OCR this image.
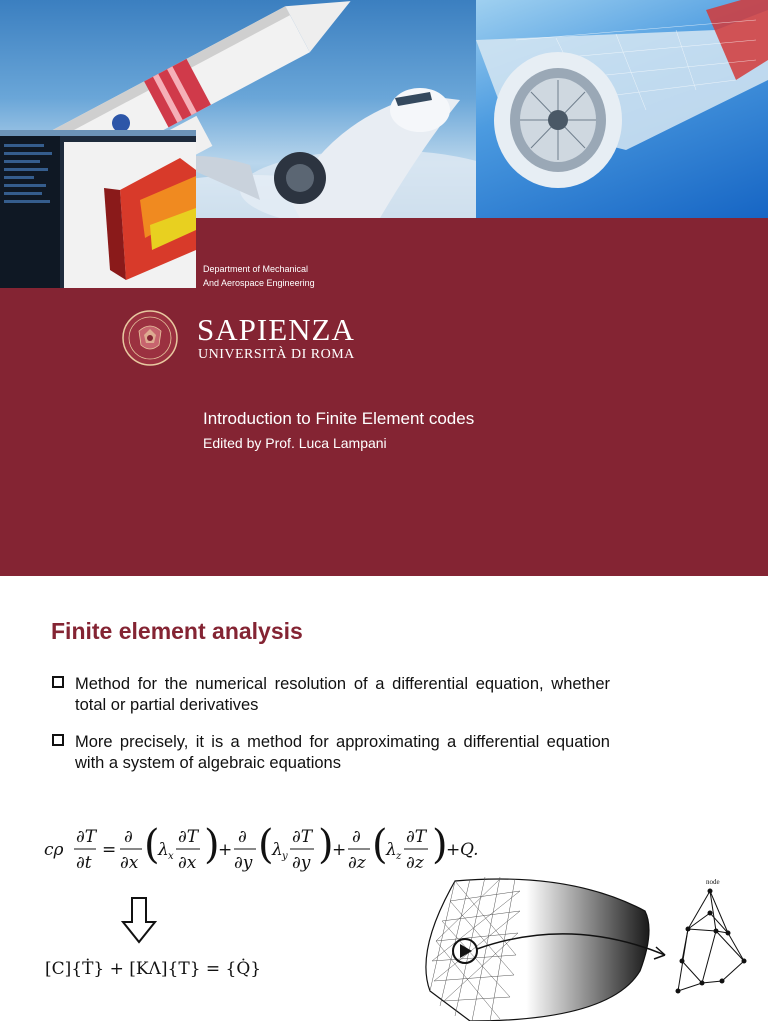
Department of Mechanical
And Aerospace Engineering
SAPIENZA
UNIVERSITÀ DI ROMA
Introduction to Finite Element codes
Edited by Prof. Luca Lampani
Finite element analysis
Method for the numerical resolution of a differential equation, whether total or partial derivatives
More precisely, it is a method for approximating a differential equation with a system of algebraic equations
cρ
∂T
∂t
=
∂
∂x (
λ x
∂T
∂x )
+
∂
∂y (
λ y
∂T
∂y )
+
∂
∂z (
λ z
∂T
∂z )
+ Q.
[C]{Ṫ} + [KΛ]{T} = {Q̇}
node
